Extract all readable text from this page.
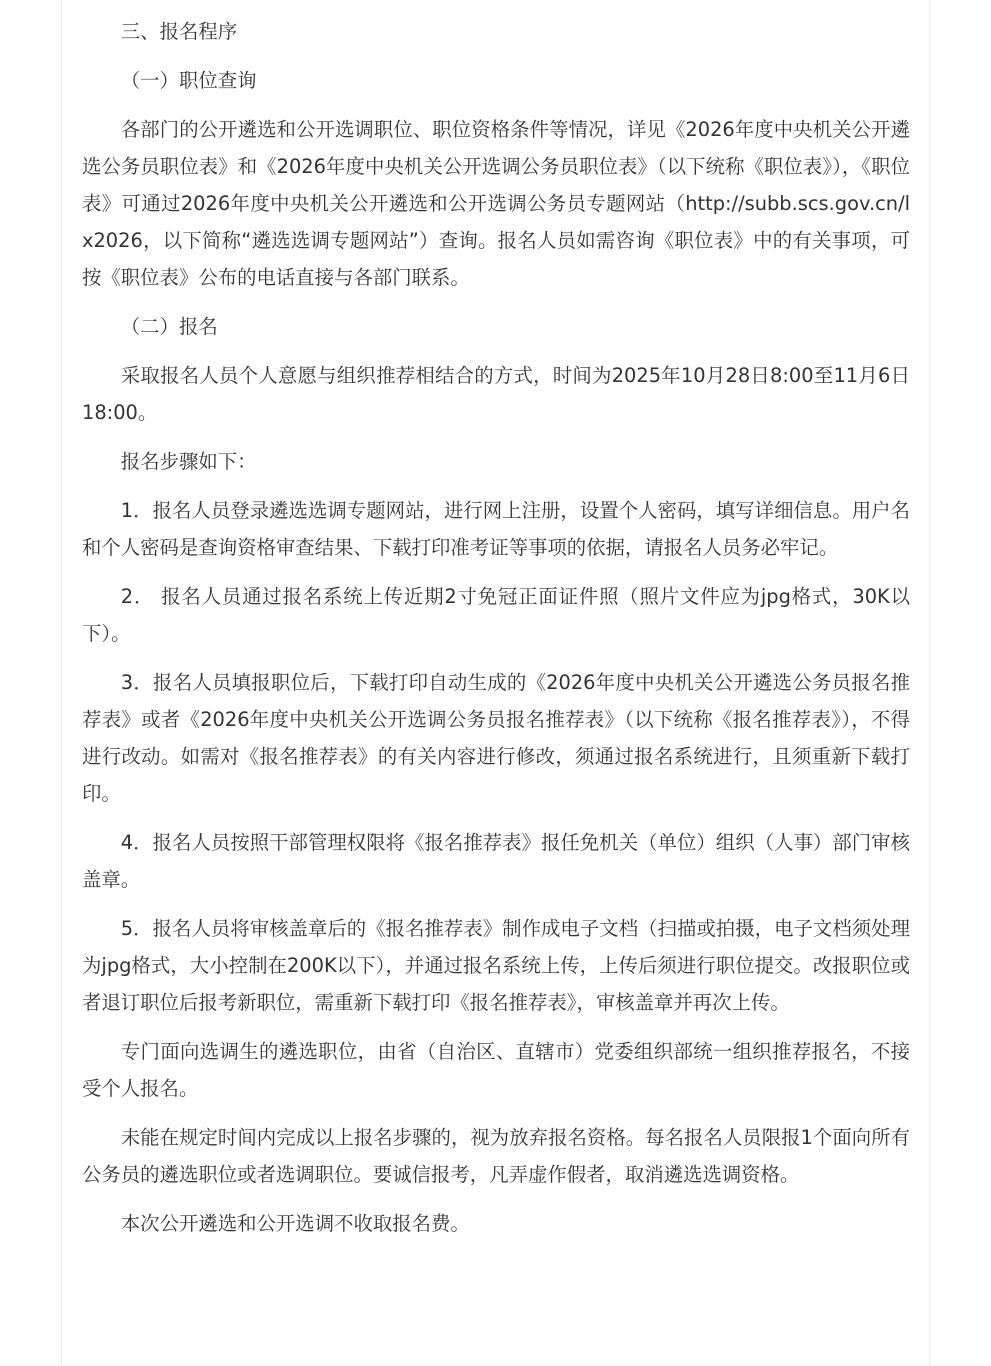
三、报名程序

（一）职位查询

各部门的公开遴选和公开选调职位、职位资格条件等情况，详见《2026年度中央机关公开遴选公务员职位表》和《2026年度中央机关公开选调公务员职位表》（以下统称《职位表》），《职位表》可通过2026年度中央机关公开遴选和公开选调公务员专题网站（http://subb.scs.gov.cn/lx2026，以下简称“遴选选调专题网站”）查询。报名人员如需咨询《职位表》中的有关事项，可按《职位表》公布的电话直接与各部门联系。

（二）报名

采取报名人员个人意愿与组织推荐相结合的方式，时间为2025年10月28日8:00至11月6日18:00。

报名步骤如下：

1．报名人员登录遴选选调专题网站，进行网上注册，设置个人密码，填写详细信息。用户名和个人密码是查询资格审查结果、下载打印准考证等事项的依据，请报名人员务必牢记。

2． 报名人员通过报名系统上传近期2寸免冠正面证件照（照片文件应为jpg格式，30K以下）。

3．报名人员填报职位后，下载打印自动生成的《2026年度中央机关公开遴选公务员报名推荐表》或者《2026年度中央机关公开选调公务员报名推荐表》（以下统称《报名推荐表》），不得进行改动。如需对《报名推荐表》的有关内容进行修改，须通过报名系统进行，且须重新下载打印。

4．报名人员按照干部管理权限将《报名推荐表》报任免机关（单位）组织（人事）部门审核盖章。

5．报名人员将审核盖章后的《报名推荐表》制作成电子文档（扫描或拍摄，电子文档须处理为jpg格式，大小控制在200K以下），并通过报名系统上传，上传后须进行职位提交。改报职位或者退订职位后报考新职位，需重新下载打印《报名推荐表》，审核盖章并再次上传。

专门面向选调生的遴选职位，由省（自治区、直辖市）党委组织部统一组织推荐报名，不接受个人报名。

未能在规定时间内完成以上报名步骤的，视为放弃报名资格。每名报名人员限报1个面向所有公务员的遴选职位或者选调职位。要诚信报考，凡弄虚作假者，取消遴选选调资格。

本次公开遴选和公开选调不收取报名费。
